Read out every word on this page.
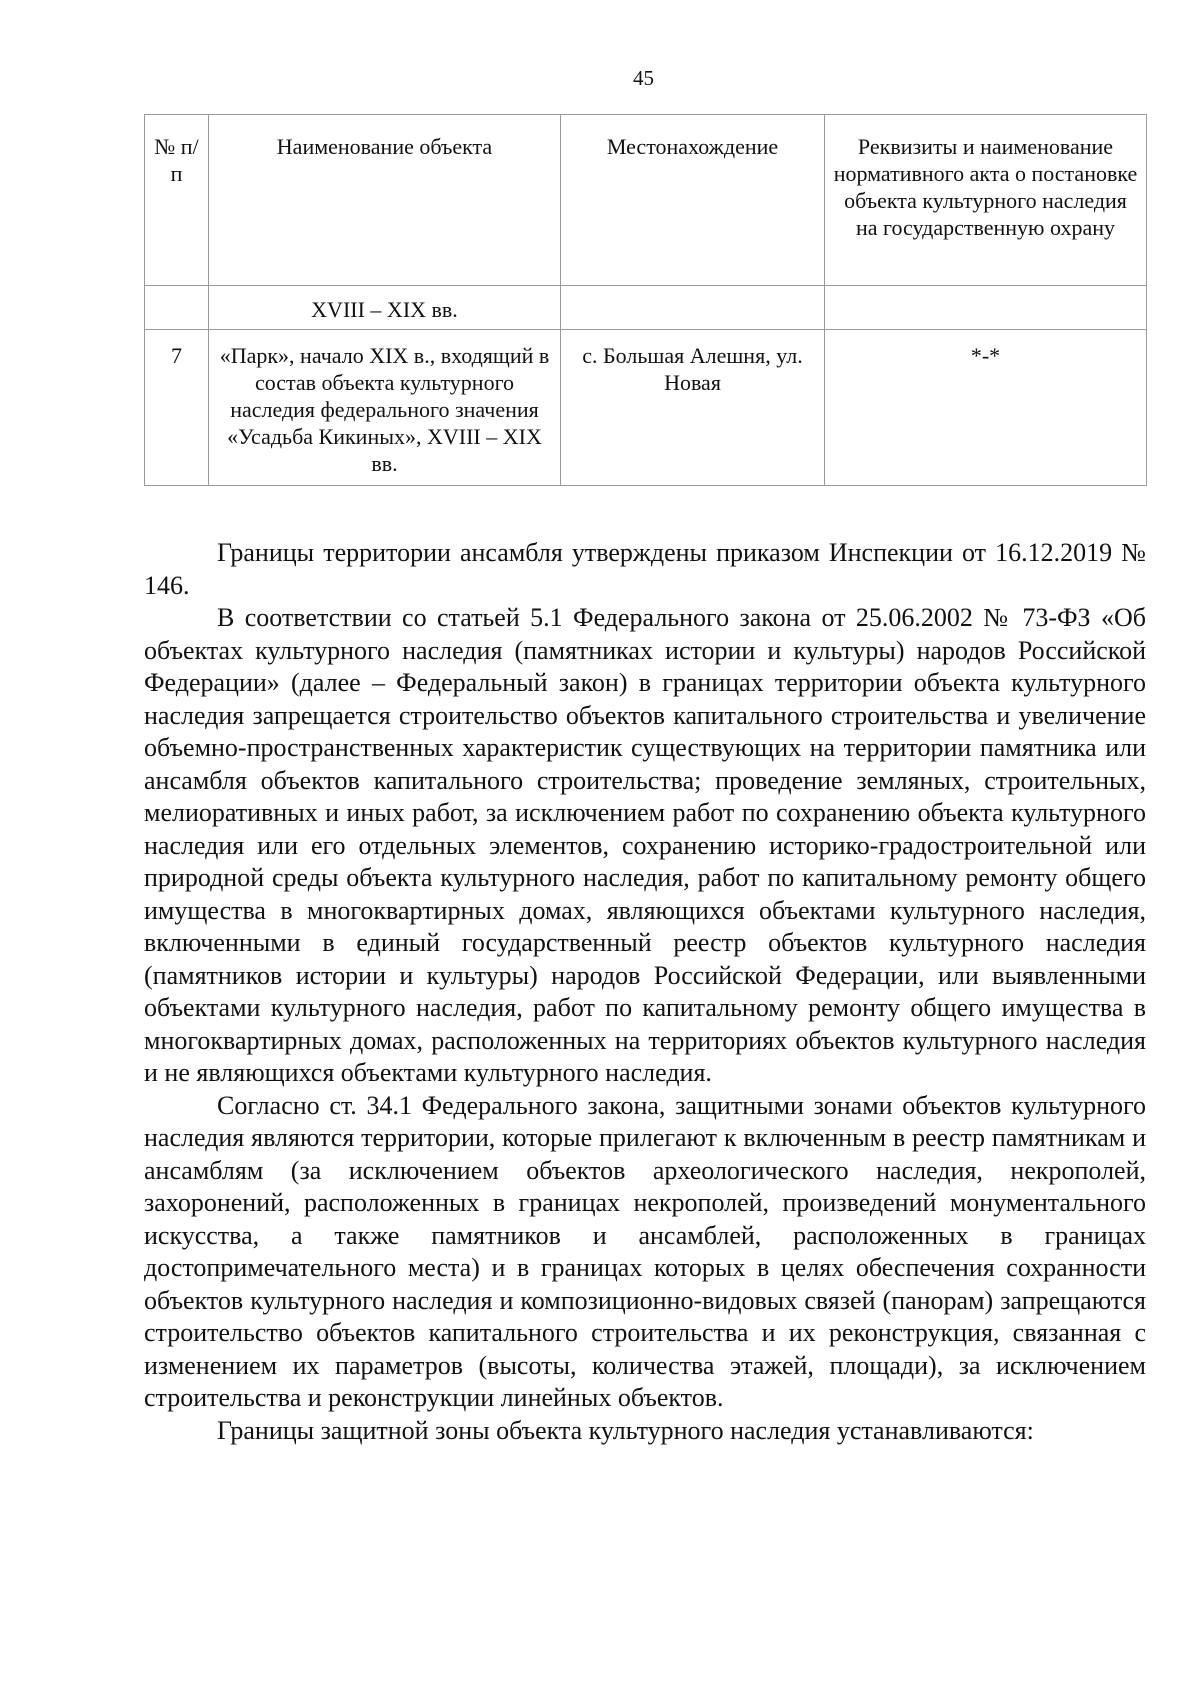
45
№ п/п	Наименование объекта	Местонахождение	Реквизиты и наименование нормативного акта о постановке объекта культурного наследия на государственную охрану
	XVIII – XIX вв.		
7	«Парк», начало XIX в., входящий в состав объекта культурного наследия федерального значения «Усадьба Кикиных», XVIII – XIX вв.	с. Большая Алешня, ул. Новая	*-*

Границы территории ансамбля утверждены приказом Инспекции от 16.12.2019 № 146.

В соответствии со статьей 5.1 Федерального закона от 25.06.2002 № 73-ФЗ «Об объектах культурного наследия (памятниках истории и культуры) народов Российской Федерации» (далее – Федеральный закон) в границах территории объекта культурного наследия запрещается строительство объектов капитального строительства и увеличение объемно-пространственных характеристик существующих на территории памятника или ансамбля объектов капитального строительства; проведение земляных, строительных, мелиоративных и иных работ, за исключением работ по сохранению объекта культурного наследия или его отдельных элементов, сохранению историко-градостроительной или природной среды объекта культурного наследия, работ по капитальному ремонту общего имущества в многоквартирных домах, являющихся объектами культурного наследия, включенными в единый государственный реестр объектов культурного наследия (памятников истории и культуры) народов Российской Федерации, или выявленными объектами культурного наследия, работ по капитальному ремонту общего имущества в многоквартирных домах, расположенных на территориях объектов культурного наследия и не являющихся объектами культурного наследия.

Согласно ст. 34.1 Федерального закона, защитными зонами объектов культурного наследия являются территории, которые прилегают к включенным в реестр памятникам и ансамблям (за исключением объектов археологического наследия, некрополей, захоронений, расположенных в границах некрополей, произведений монументального искусства, а также памятников и ансамблей, расположенных в границах достопримечательного места) и в границах которых в целях обеспечения сохранности объектов культурного наследия и композиционно-видовых связей (панорам) запрещаются строительство объектов капитального строительства и их реконструкция, связанная с изменением их параметров (высоты, количества этажей, площади), за исключением строительства и реконструкции линейных объектов.

Границы защитной зоны объекта культурного наследия устанавливаются:
